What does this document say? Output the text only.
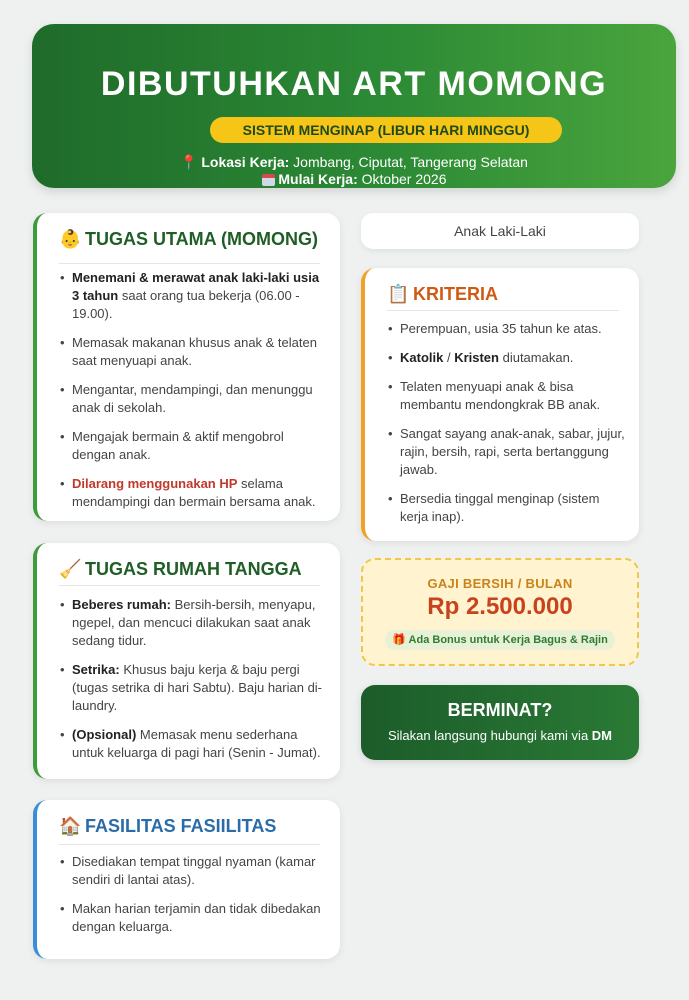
DIBUTUHKAN ART MOMONG
SISTEM MENGINAP (LIBUR HARI MINGGU)
📍 Lokasi Kerja: Jombang, Ciputat, Tangerang Selatan
Mulai Kerja: Oktober 2026
👶 TUGAS UTAMA (MOMONG)
• Menemani & merawat anak laki-laki usia 3 tahun saat orang tua bekerja (06.00 - 19.00).
• Memasak makanan khusus anak & telaten saat menyuapi anak.
• Mengantar, mendampingi, dan menunggu anak di sekolah.
• Mengajak bermain & aktif mengobrol dengan anak.
• Dilarang menggunakan HP selama mendampingi dan bermain bersama anak.
🧹 TUGAS RUMAH TANGGA
• Beberes rumah: Bersih-bersih, menyapu, ngepel, dan mencuci dilakukan saat anak sedang tidur.
• Setrika: Khusus baju kerja & baju pergi (tugas setrika di hari Sabtu). Baju harian di-laundry.
• (Opsional) Memasak menu sederhana untuk keluarga di pagi hari (Senin - Jumat).
🏠 FASILITAS FASIILITAS
• Disediakan tempat tinggal nyaman (kamar sendiri di lantai atas).
• Makan harian terjamin dan tidak dibedakan dengan keluarga.
Anak Laki-Laki
📋 KRITERIA
• Perempuan, usia 35 tahun ke atas.
• Katolik / Kristen diutamakan.
• Telaten menyuapi anak & bisa membantu mendongkrak BB anak.
• Sangat sayang anak-anak, sabar, jujur, rajin, bersih, rapi, serta bertanggung jawab.
• Bersedia tinggal menginap (sistem kerja inap).
GAJI BERSIH / BULAN
Rp 2.500.000
🎁 Ada Bonus untuk Kerja Bagus & Rajin
BERMINAT?
Silakan langsung hubungi kami via DM
